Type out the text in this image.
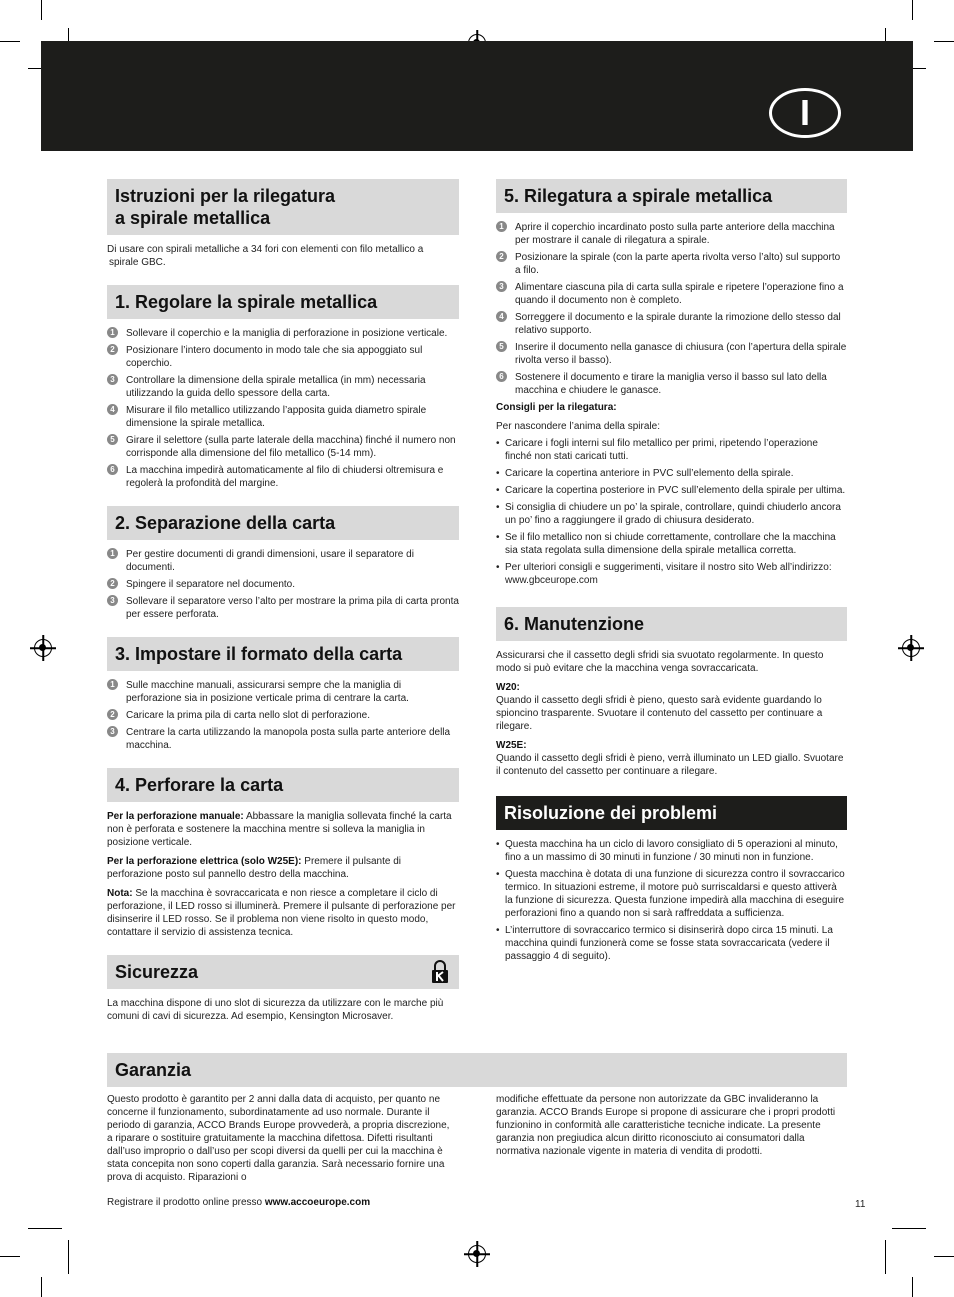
I
Istruzioni per la rilegatura
a spirale metallica
Di usare con spirali metalliche a 34 fori con elementi con filo metallico a
spirale GBC.
1. Regolare la spirale metallica
1	Sollevare il coperchio e la maniglia di perforazione in posizione verticale.
2	Posizionare l’intero documento in modo tale che sia appoggiato sul coperchio.
3	Controllare la dimensione della spirale metallica (in mm) necessaria utilizzando la guida dello spessore della carta.
4	Misurare il filo metallico utilizzando l’apposita guida diametro spirale dimensione la spirale metallica.
5	Girare il selettore (sulla parte laterale della macchina) finché il numero non corrisponde alla dimensione del filo metallico (5-14 mm).
6	La macchina impedirà automaticamente al filo di chiudersi oltremisura e regolerà la profondità del margine.
2. Separazione della carta
1	Per gestire documenti di grandi dimensioni, usare il separatore di documenti.
2	Spingere il separatore nel documento.
3	Sollevare il separatore verso l’alto per mostrare la prima pila di carta pronta per essere perforata.
3. Impostare il formato della carta
1	Sulle macchine manuali, assicurarsi sempre che la maniglia di perforazione sia in posizione verticale prima di centrare la carta.
2	Caricare la prima pila di carta nello slot di perforazione.
3	Centrare la carta utilizzando la manopola posta sulla parte anteriore della macchina.
4. Perforare la carta
Per la perforazione manuale: Abbassare la maniglia sollevata finché la carta non è perforata e sostenere la macchina mentre si solleva la maniglia in posizione verticale.
Per la perforazione elettrica (solo W25E): Premere il pulsante di perforazione posto sul pannello destro della macchina.
Nota: Se la macchina è sovraccaricata e non riesce a completare il ciclo di perforazione, il LED rosso si illuminerà. Premere il pulsante di perforazione per disinserire il LED rosso. Se il problema non viene risolto in questo modo, contattare il servizio di assistenza tecnica.
Sicurezza
La macchina dispone di uno slot di sicurezza da utilizzare con le marche più comuni di cavi di sicurezza. Ad esempio, Kensington Microsaver.
5. Rilegatura a spirale metallica
1	Aprire il coperchio incardinato posto sulla parte anteriore della macchina per mostrare il canale di rilegatura a spirale.
2	Posizionare la spirale (con la parte aperta rivolta verso l’alto) sul supporto a filo.
3	Alimentare ciascuna pila di carta sulla spirale e ripetere l’operazione fino a quando il documento non è completo.
4	Sorreggere il documento e la spirale durante la rimozione dello stesso dal relativo supporto.
5	Inserire il documento nella ganasce di chiusura (con l’apertura della spirale rivolta verso il basso).
6	Sostenere il documento e tirare la maniglia verso il basso sul lato della macchina e chiudere le ganasce.
Consigli per la rilegatura:
Per nascondere l’anima della spirale:
• Caricare i fogli interni sul filo metallico per primi, ripetendo l’operazione finché non stati caricati tutti.
• Caricare la copertina anteriore in PVC sull’elemento della spirale.
• Caricare la copertina posteriore in PVC sull’elemento della spirale per ultima.
• Si consiglia di chiudere un po’ la spirale, controllare, quindi chiuderlo ancora un po’ fino a raggiungere il grado di chiusura desiderato.
• Se il filo metallico non si chiude correttamente, controllare che la macchina sia stata regolata sulla dimensione della spirale metallica corretta.
• Per ulteriori consigli e suggerimenti, visitare il nostro sito Web all’indirizzo: www.gbceurope.com
6. Manutenzione
Assicurarsi che il cassetto degli sfridi sia svuotato regolarmente. In questo modo si può evitare che la macchina venga sovraccaricata.
W20:
Quando il cassetto degli sfridi è pieno, questo sarà evidente guardando lo spioncino trasparente. Svuotare il contenuto del cassetto per continuare a rilegare.
W25E:
Quando il cassetto degli sfridi è pieno, verrà illuminato un LED giallo. Svuotare il contenuto del cassetto per continuare a rilegare.
Risoluzione dei problemi
• Questa macchina ha un ciclo di lavoro consigliato di 5 operazioni al minuto, fino a un massimo di 30 minuti in funzione / 30 minuti non in funzione.
• Questa macchina è dotata di una funzione di sicurezza contro il sovraccarico termico. In situazioni estreme, il motore può surriscaldarsi e questo attiverà la funzione di sicurezza. Questa funzione impedirà alla macchina di eseguire perforazioni fino a quando non si sarà raffreddata a sufficienza.
• L’interruttore di sovraccarico termico si disinserirà dopo circa 15 minuti. La macchina quindi funzionerà come se fosse stata sovraccaricata (vedere il passaggio 4 di seguito).
Garanzia
Questo prodotto è garantito per 2 anni dalla data di acquisto, per quanto ne concerne il funzionamento, subordinatamente ad uso normale. Durante il periodo di garanzia, ACCO Brands Europe provvederà, a propria discrezione, a riparare o sostituire gratuitamente la macchina difettosa. Difetti risultanti dall’uso improprio o dall’uso per scopi diversi da quelli per cui la macchina è stata concepita non sono coperti dalla garanzia. Sarà necessario fornire una prova di acquisto. Riparazioni o
modifiche effettuate da persone non autorizzate da GBC invalideranno la garanzia. ACCO Brands Europe si propone di assicurare che i propri prodotti funzionino in conformità alle caratteristiche tecniche indicate. La presente garanzia non pregiudica alcun diritto riconosciuto ai consumatori dalla normativa nazionale vigente in materia di vendita di prodotti.
Registrare il prodotto online presso www.accoeurope.com	11
